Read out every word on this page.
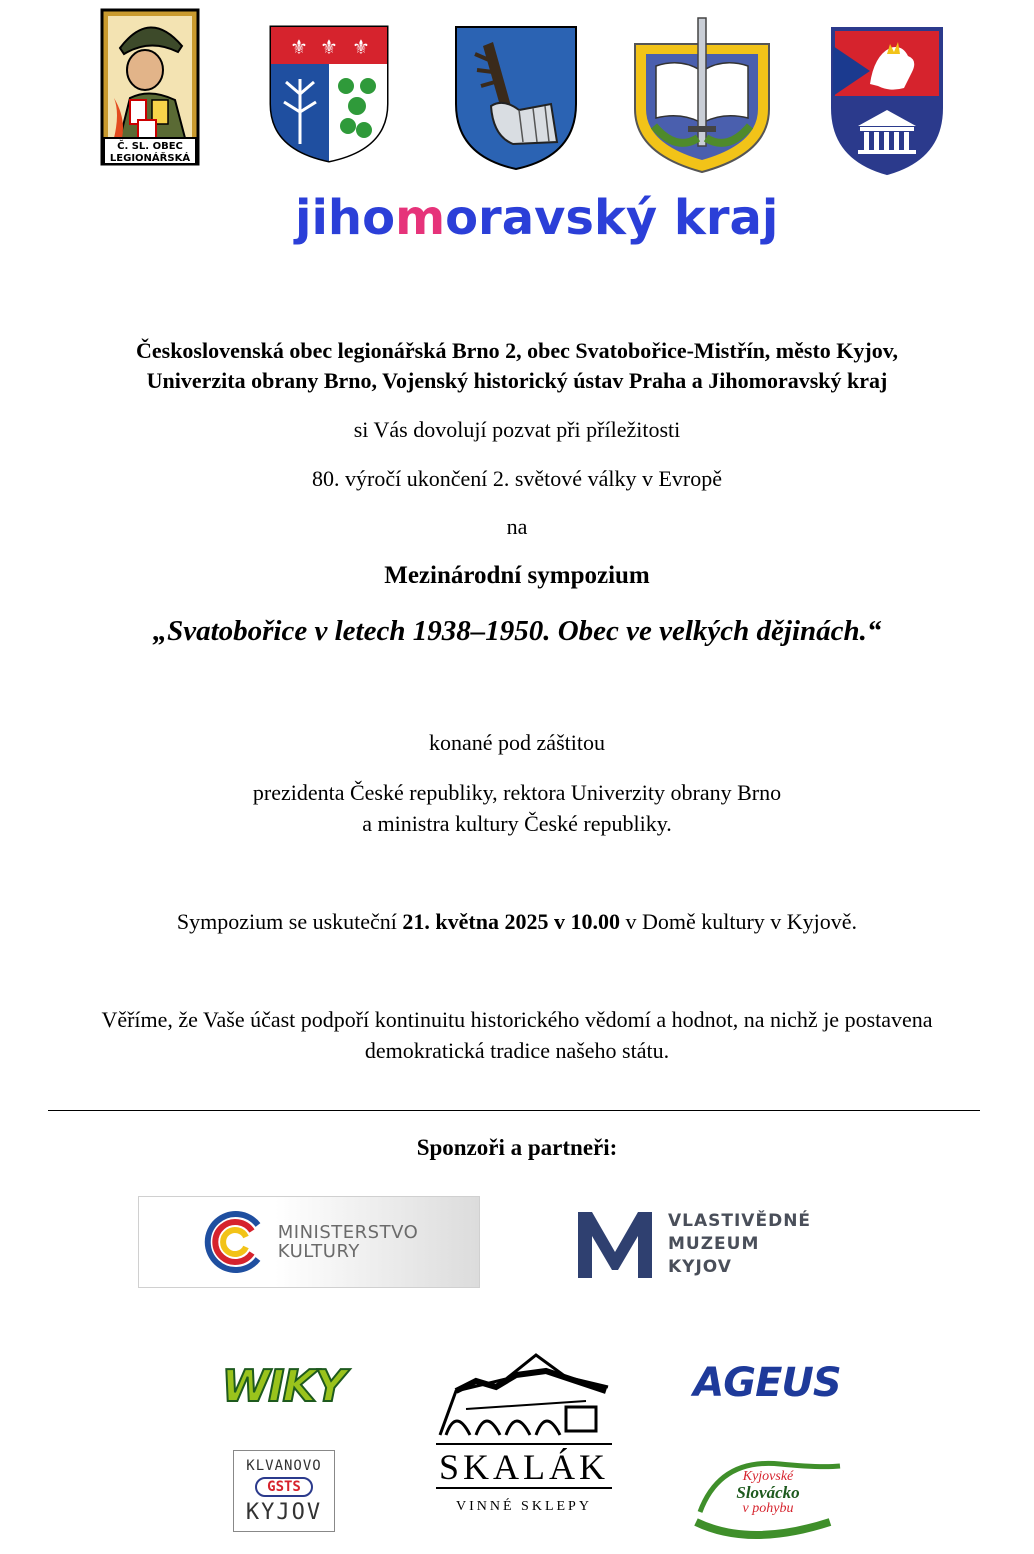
Č. SL. OBEC
LEGIONÁŘSKÁ
⚜ ⚜ ⚜
jihomoravský kraj
Československá obec legionářská Brno 2, obec Svatobořice-Mistřín, město Kyjov,
Univerzita obrany Brno, Vojenský historický ústav Praha a Jihomoravský kraj
si Vás dovolují pozvat při příležitosti
80. výročí ukončení 2. světové války v Evropě
na
Mezinárodní sympozium
„Svatobořice v letech 1938–1950. Obec ve velkých dějinách.“
konané pod záštitou
prezidenta České republiky, rektora Univerzity obrany Brno
a ministra kultury České republiky.
Sympozium se uskuteční 21. května 2025 v 10.00 v Domě kultury v Kyjově.
Věříme, že Vaše účast podpoří kontinuitu historického vědomí a hodnot, na nichž je postavena
demokratická tradice našeho státu.
Sponzoři a partneři:
MINISTERSTVO
KULTURY
VLASTIVĚDNÉ
MUZEUM
KYJOV
WIKY
SKALÁK
VINNÉ SKLEPY
AGEUS
KLVANOVO
GSTS
KYJOV
Kyjovské
Slovácko
v pohybu
